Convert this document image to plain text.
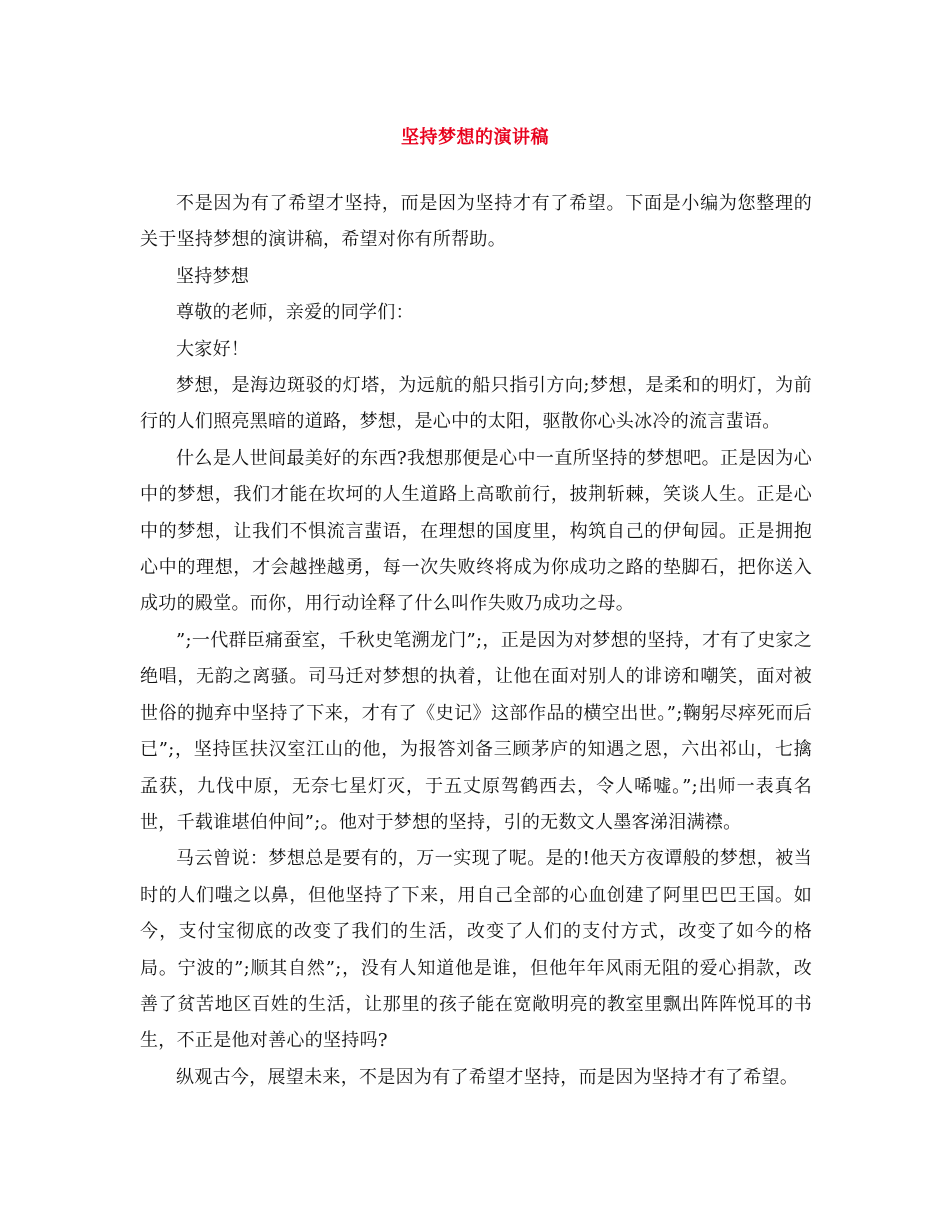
坚持梦想的演讲稿

不是因为有了希望才坚持，而是因为坚持才有了希望。下面是小编为您整理的关于坚持梦想的演讲稿，希望对你有所帮助。

坚持梦想

尊敬的老师，亲爱的同学们：

大家好！

梦想，是海边斑驳的灯塔，为远航的船只指引方向;梦想，是柔和的明灯，为前行的人们照亮黑暗的道路，梦想，是心中的太阳，驱散你心头冰冷的流言蜚语。

什么是人世间最美好的东西?我想那便是心中一直所坚持的梦想吧。正是因为心中的梦想，我们才能在坎坷的人生道路上高歌前行，披荆斩棘，笑谈人生。正是心中的梦想，让我们不惧流言蜚语，在理想的国度里，构筑自己的伊甸园。正是拥抱心中的理想，才会越挫越勇，每一次失败终将成为你成功之路的垫脚石，把你送入成功的殿堂。而你，用行动诠释了什么叫作失败乃成功之母。

”;一代群臣痛蚕室，千秋史笔溯龙门”;，正是因为对梦想的坚持，才有了史家之绝唱，无韵之离骚。司马迁对梦想的执着，让他在面对别人的诽谤和嘲笑，面对被世俗的抛弃中坚持了下来，才有了《史记》这部作品的横空出世。”;鞠躬尽瘁死而后已”;，坚持匡扶汉室江山的他，为报答刘备三顾茅庐的知遇之恩，六出祁山，七擒孟获，九伐中原，无奈七星灯灭，于五丈原驾鹤西去，令人唏嘘。”;出师一表真名世，千载谁堪伯仲间”;。他对于梦想的坚持，引的无数文人墨客涕泪满襟。

马云曾说：梦想总是要有的，万一实现了呢。是的!他天方夜谭般的梦想，被当时的人们嗤之以鼻，但他坚持了下来，用自己全部的心血创建了阿里巴巴王国。如今，支付宝彻底的改变了我们的生活，改变了人们的支付方式，改变了如今的格局。宁波的”;顺其自然”;，没有人知道他是谁，但他年年风雨无阻的爱心捐款，改善了贫苦地区百姓的生活，让那里的孩子能在宽敞明亮的教室里飘出阵阵悦耳的书生，不正是他对善心的坚持吗?

纵观古今，展望未来，不是因为有了希望才坚持，而是因为坚持才有了希望。
